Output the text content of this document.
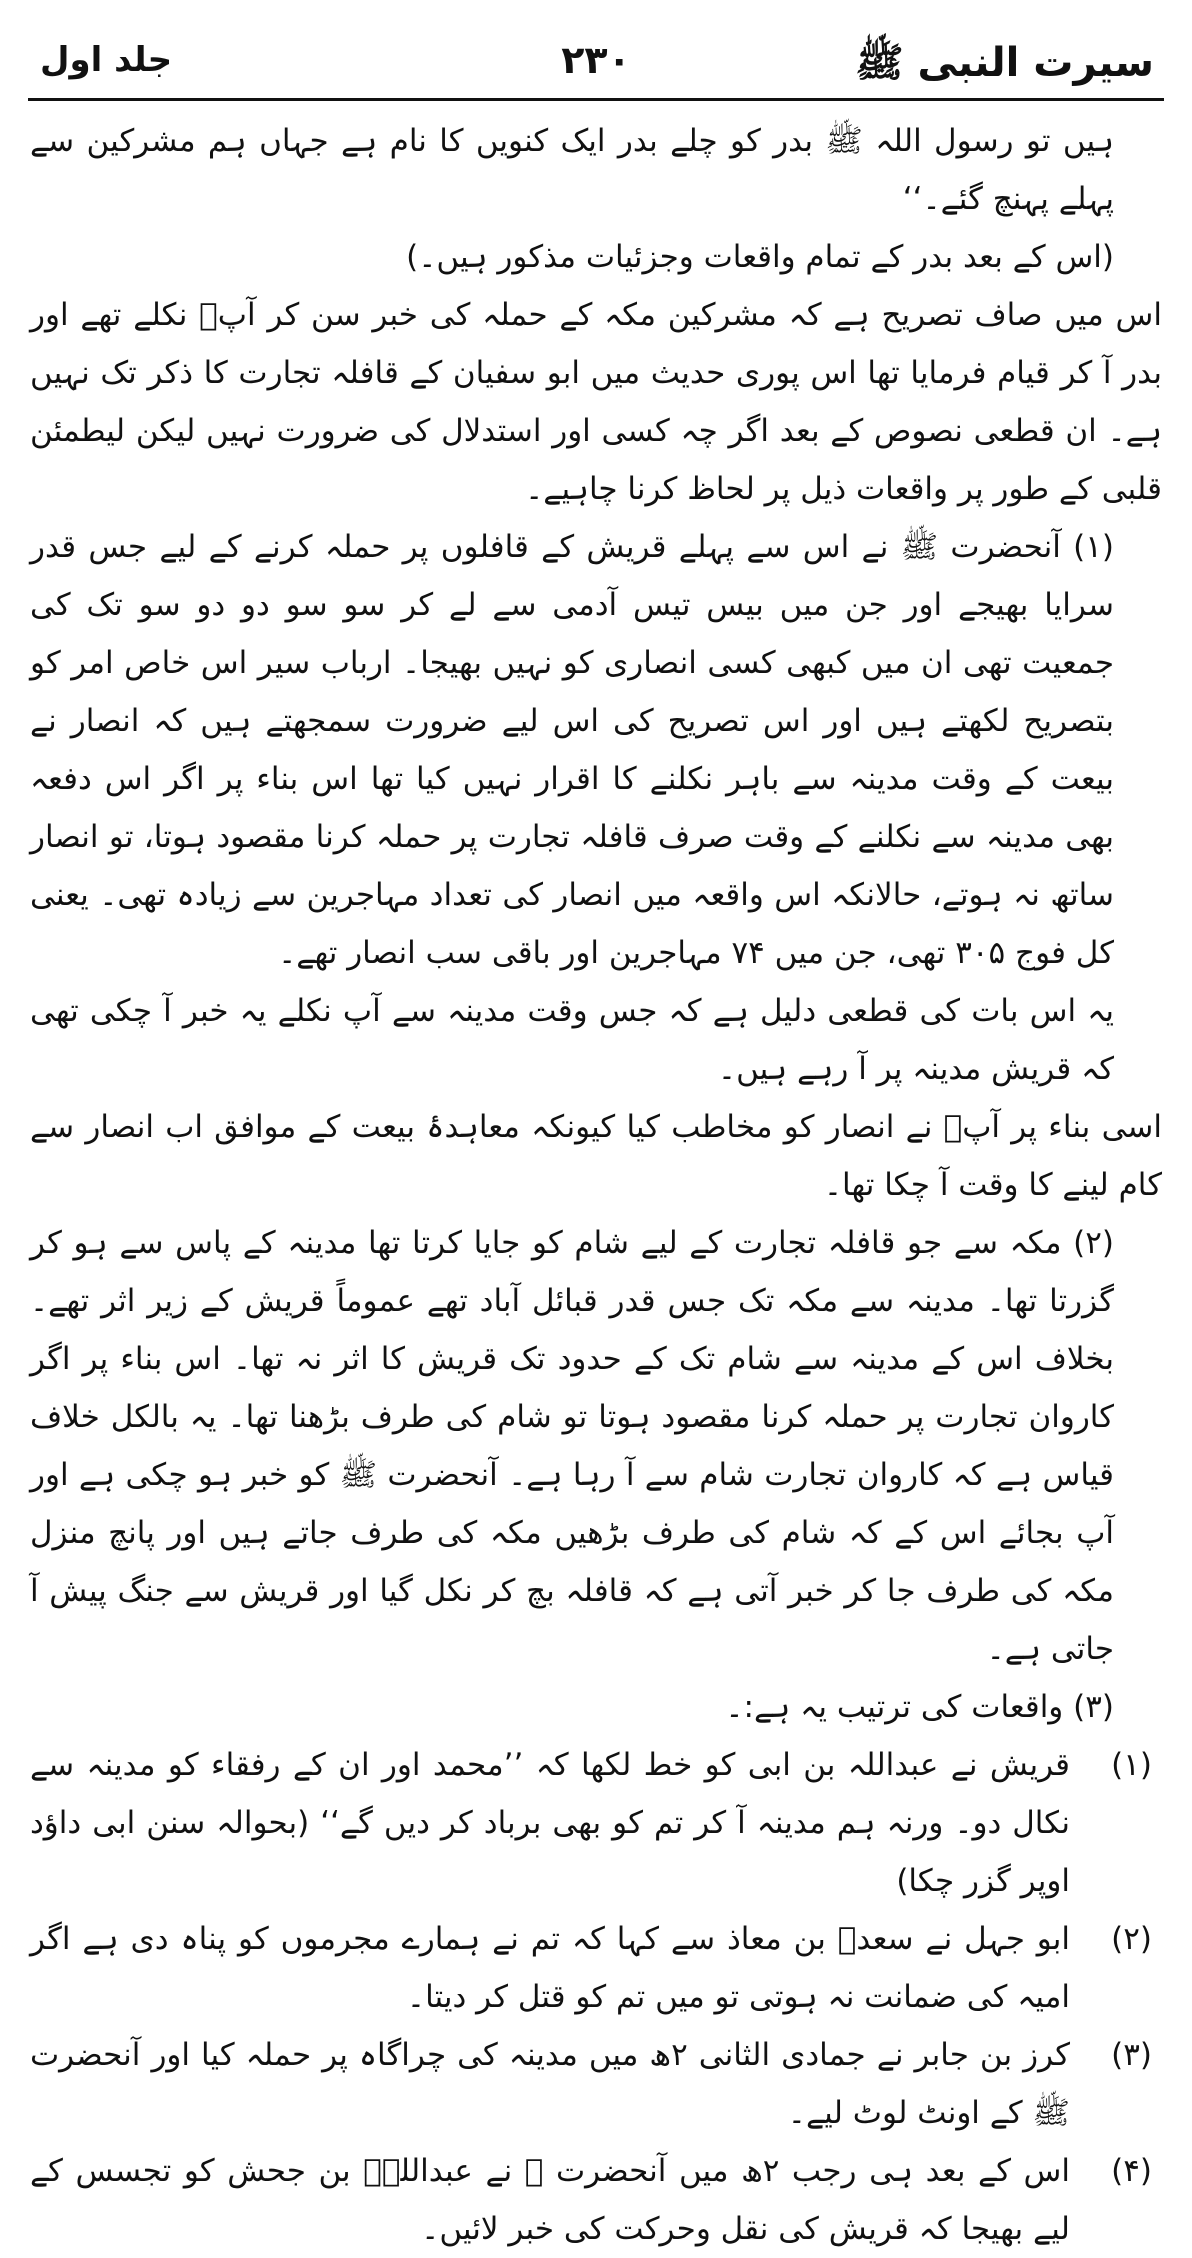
سیرت النبی ﷺ
۲۳۰
جلد اول

ہیں تو رسول اللہ ﷺ بدر کو چلے بدر ایک کنویں کا نام ہے جہاں ہم مشرکین سے پہلے پہنچ گئے۔‘‘

(اس کے بعد بدر کے تمام واقعات وجزئیات مذکور ہیں۔)

اس میں صاف تصریح ہے کہ مشرکین مکہ کے حملہ کی خبر سن کر آپؐ نکلے تھے اور بدر آ کر قیام فرمایا تھا اس پوری حدیث میں ابو سفیان کے قافلہ تجارت کا ذکر تک نہیں ہے۔ ان قطعی نصوص کے بعد اگر چہ کسی اور استدلال کی ضرورت نہیں لیکن لیطمئن قلبی کے طور پر واقعات ذیل پر لحاظ کرنا چاہیے۔

(۱) آنحضرت ﷺ نے اس سے پہلے قریش کے قافلوں پر حملہ کرنے کے لیے جس قدر سرایا بھیجے اور جن میں بیس تیس آدمی سے لے کر سو سو دو دو سو تک کی جمعیت تھی ان میں کبھی کسی انصاری کو نہیں بھیجا۔ ارباب سیر اس خاص امر کو بتصریح لکھتے ہیں اور اس تصریح کی اس لیے ضرورت سمجھتے ہیں کہ انصار نے بیعت کے وقت مدینہ سے باہر نکلنے کا اقرار نہیں کیا تھا اس بناء پر اگر اس دفعہ بھی مدینہ سے نکلنے کے وقت صرف قافلہ تجارت پر حملہ کرنا مقصود ہوتا، تو انصار ساتھ نہ ہوتے، حالانکہ اس واقعہ میں انصار کی تعداد مہاجرین سے زیادہ تھی۔ یعنی کل فوج ۳۰۵ تھی، جن میں ۷۴ مہاجرین اور باقی سب انصار تھے۔

یہ اس بات کی قطعی دلیل ہے کہ جس وقت مدینہ سے آپ نکلے یہ خبر آ چکی تھی کہ قریش مدینہ پر آ رہے ہیں۔

اسی بناء پر آپؐ نے انصار کو مخاطب کیا کیونکہ معاہدۂ بیعت کے موافق اب انصار سے کام لینے کا وقت آ چکا تھا۔

(۲) مکہ سے جو قافلہ تجارت کے لیے شام کو جایا کرتا تھا مدینہ کے پاس سے ہو کر گزرتا تھا۔ مدینہ سے مکہ تک جس قدر قبائل آباد تھے عموماً قریش کے زیر اثر تھے۔ بخلاف اس کے مدینہ سے شام تک کے حدود تک قریش کا اثر نہ تھا۔ اس بناء پر اگر کاروان تجارت پر حملہ کرنا مقصود ہوتا تو شام کی طرف بڑھنا تھا۔ یہ بالکل خلاف قیاس ہے کہ کاروان تجارت شام سے آ رہا ہے۔ آنحضرت ﷺ کو خبر ہو چکی ہے اور آپ بجائے اس کے کہ شام کی طرف بڑھیں مکہ کی طرف جاتے ہیں اور پانچ منزل مکہ کی طرف جا کر خبر آتی ہے کہ قافلہ بچ کر نکل گیا اور قریش سے جنگ پیش آ جاتی ہے۔

(۳) واقعات کی ترتیب یہ ہے:۔

(۱)
قریش نے عبداللہ بن ابی کو خط لکھا کہ ’’محمد اور ان کے رفقاء کو مدینہ سے نکال دو۔ ورنہ ہم مدینہ آ کر تم کو بھی برباد کر دیں گے‘‘ (بحوالہ سنن ابی داؤد اوپر گزر چکا)
(۲)
ابو جہل نے سعدؓ بن معاذ سے کہا کہ تم نے ہمارے مجرموں کو پناہ دی ہے اگر امیہ کی ضمانت نہ ہوتی تو میں تم کو قتل کر دیتا۔
(۳)
کرز بن جابر نے جمادی الثانی ۲ھ میں مدینہ کی چراگاہ پر حملہ کیا اور آنحضرت ﷺ کے اونٹ لوٹ لیے۔
(۴)
اس کے بعد ہی رجب ۲ھ میں آنحضرت ﷺ نے عبداللہؓ بن جحش کو تجسس کے لیے بھیجا کہ قریش کی نقل وحرکت کی خبر لائیں۔
